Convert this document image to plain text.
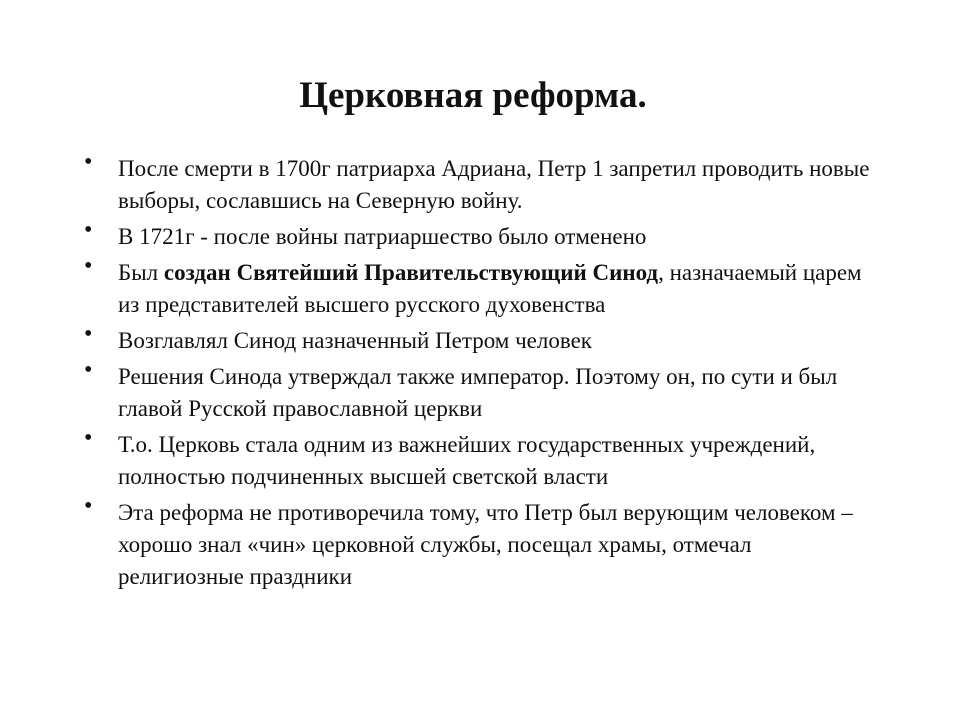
Церковная реформа.
• После смерти в 1700г патриарха Адриана, Петр 1 запретил проводить новые выборы, сославшись на Северную войну.
• В 1721г - после войны патриаршество было отменено
• Был создан Святейший Правительствующий Синод, назначаемый царем из представителей высшего русского духовенства
• Возглавлял Синод назначенный Петром человек
• Решения Синода утверждал также император. Поэтому он, по сути и был главой Русской православной церкви
• Т.о. Церковь стала одним из важнейших государственных учреждений, полностью подчиненных высшей светской власти
• Эта реформа не противоречила тому, что Петр был верующим человеком – хорошо знал «чин» церковной службы, посещал храмы, отмечал религиозные праздники
